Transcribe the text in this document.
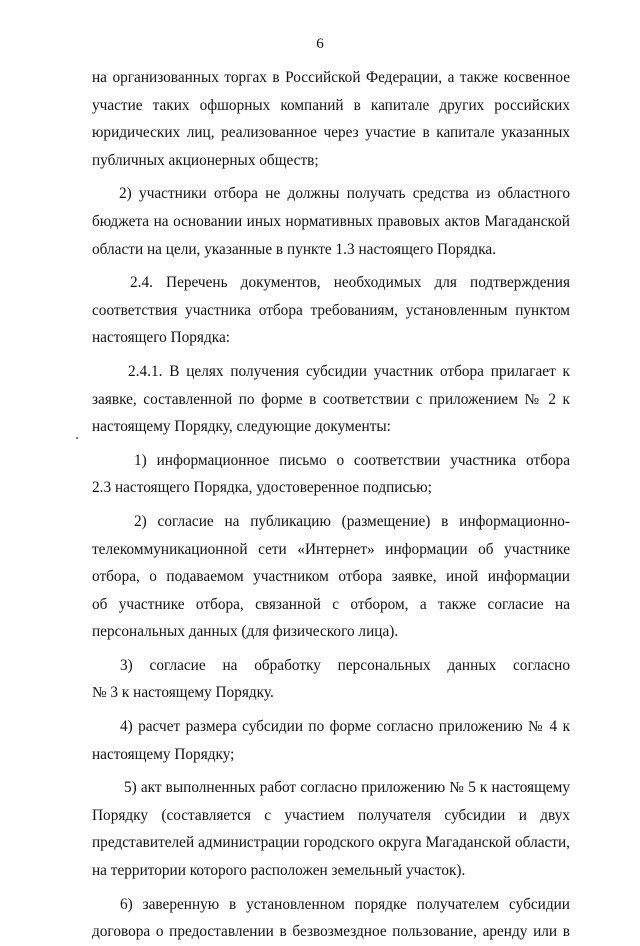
6
на организованных торгах в Российской Федерации, а также косвенное
участие таких офшорных компаний в капитале других российских
юридических лиц, реализованное через участие в капитале указанных
публичных акционерных обществ;
2) участники отбора не должны получать средства из областного
бюджета на основании иных нормативных правовых актов Магаданской
области на цели, указанные в пункте 1.3 настоящего Порядка.
2.4. Перечень документов, необходимых для подтверждения
соответствия участника отбора требованиям, установленным пунктом
настоящего Порядка:
2.4.1. В целях получения субсидии участник отбора прилагает к
заявке, составленной по форме в соответствии с приложением № 2 к
настоящему Порядку, следующие документы:
1) информационное письмо о соответствии участника отбора
2.3 настоящего Порядка, удостоверенное подписью;
2) согласие на публикацию (размещение) в информационно-
телекоммуникационной сети «Интернет» информации об участнике
отбора, о подаваемом участником отбора заявке, иной информации
об участнике отбора, связанной с отбором, а также согласие на
персональных данных (для физического лица).
3) согласие на обработку персональных данных согласно
№ 3 к настоящему Порядку.
4) расчет размера субсидии по форме согласно приложению № 4 к
настоящему Порядку;
5) акт выполненных работ согласно приложению № 5 к настоящему
Порядку (составляется с участием получателя субсидии и двух
представителей администрации городского округа Магаданской области,
на территории которого расположен земельный участок).
6) заверенную в установленном порядке получателем субсидии
договора о предоставлении в безвозмездное пользование, аренду или в
